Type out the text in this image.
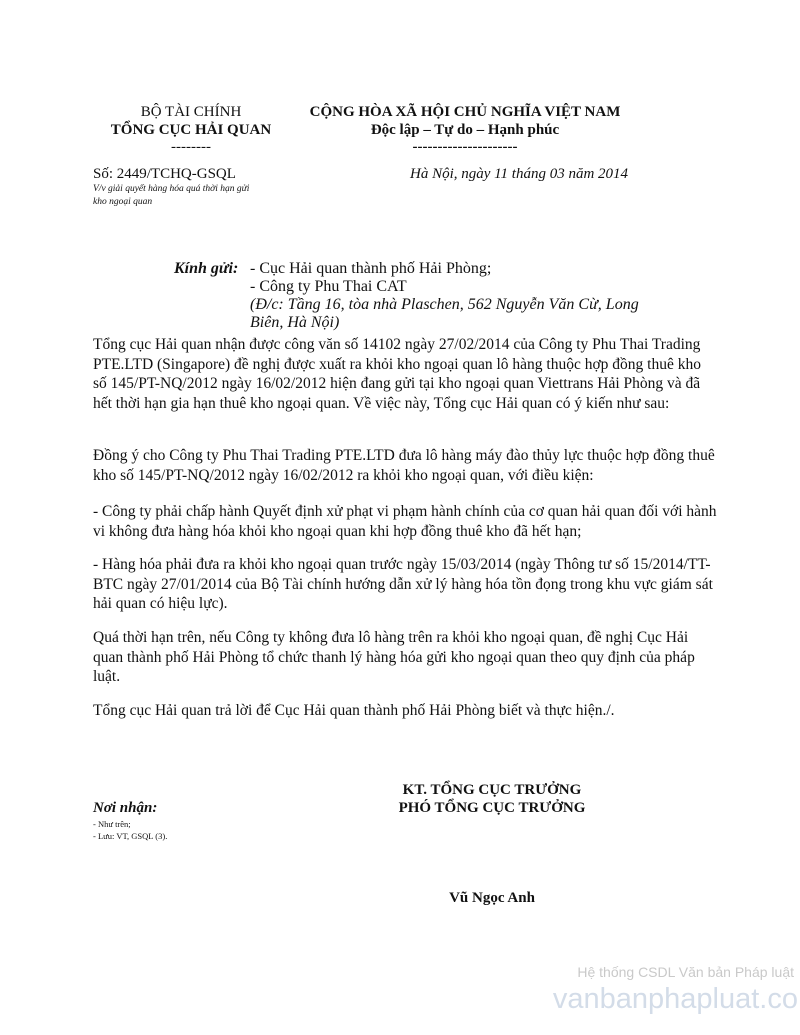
BỘ TÀI CHÍNH
TỔNG CỤC HẢI QUAN
--------
Số: 2449/TCHQ-GSQL
V/v giải quyết hàng hóa quá thời hạn gửi
kho ngoại quan
CỘNG HÒA XÃ HỘI CHỦ NGHĨA VIỆT NAM
Độc lập – Tự do – Hạnh phúc
---------------------
Hà Nội, ngày 11 tháng 03 năm 2014
Kính gửi: - Cục Hải quan thành phố Hải Phòng;
- Công ty Phu Thai CAT
(Đ/c: Tầng 16, tòa nhà Plaschen, 562 Nguyễn Văn Cừ, Long
Biên, Hà Nội)
Tổng cục Hải quan nhận được công văn số 14102 ngày 27/02/2014 của Công ty Phu Thai Trading PTE.LTD (Singapore) đề nghị được xuất ra khỏi kho ngoại quan lô hàng thuộc hợp đồng thuê kho số 145/PT-NQ/2012 ngày 16/02/2012 hiện đang gửi tại kho ngoại quan Viettrans Hải Phòng và đã hết thời hạn gia hạn thuê kho ngoại quan. Về việc này, Tổng cục Hải quan có ý kiến như sau:
Đồng ý cho Công ty Phu Thai Trading PTE.LTD đưa lô hàng máy đào thủy lực thuộc hợp đồng thuê kho số 145/PT-NQ/2012 ngày 16/02/2012 ra khỏi kho ngoại quan, với điều kiện:
- Công ty phải chấp hành Quyết định xử phạt vi phạm hành chính của cơ quan hải quan đối với hành vi không đưa hàng hóa khỏi kho ngoại quan khi hợp đồng thuê kho đã hết hạn;
- Hàng hóa phải đưa ra khỏi kho ngoại quan trước ngày 15/03/2014 (ngày Thông tư số 15/2014/TT-BTC ngày 27/01/2014 của Bộ Tài chính hướng dẫn xử lý hàng hóa tồn đọng trong khu vực giám sát hải quan có hiệu lực).
Quá thời hạn trên, nếu Công ty không đưa lô hàng trên ra khỏi kho ngoại quan, đề nghị Cục Hải quan thành phố Hải Phòng tổ chức thanh lý hàng hóa gửi kho ngoại quan theo quy định của pháp luật.
Tổng cục Hải quan trả lời để Cục Hải quan thành phố Hải Phòng biết và thực hiện./.
KT. TỔNG CỤC TRƯỞNG
PHÓ TỔNG CỤC TRƯỞNG
Vũ Ngọc Anh
Nơi nhận:
- Như trên;
- Lưu: VT, GSQL (3).
Hệ thống CSDL Văn bản Pháp luật
vanbanphapluat.co
